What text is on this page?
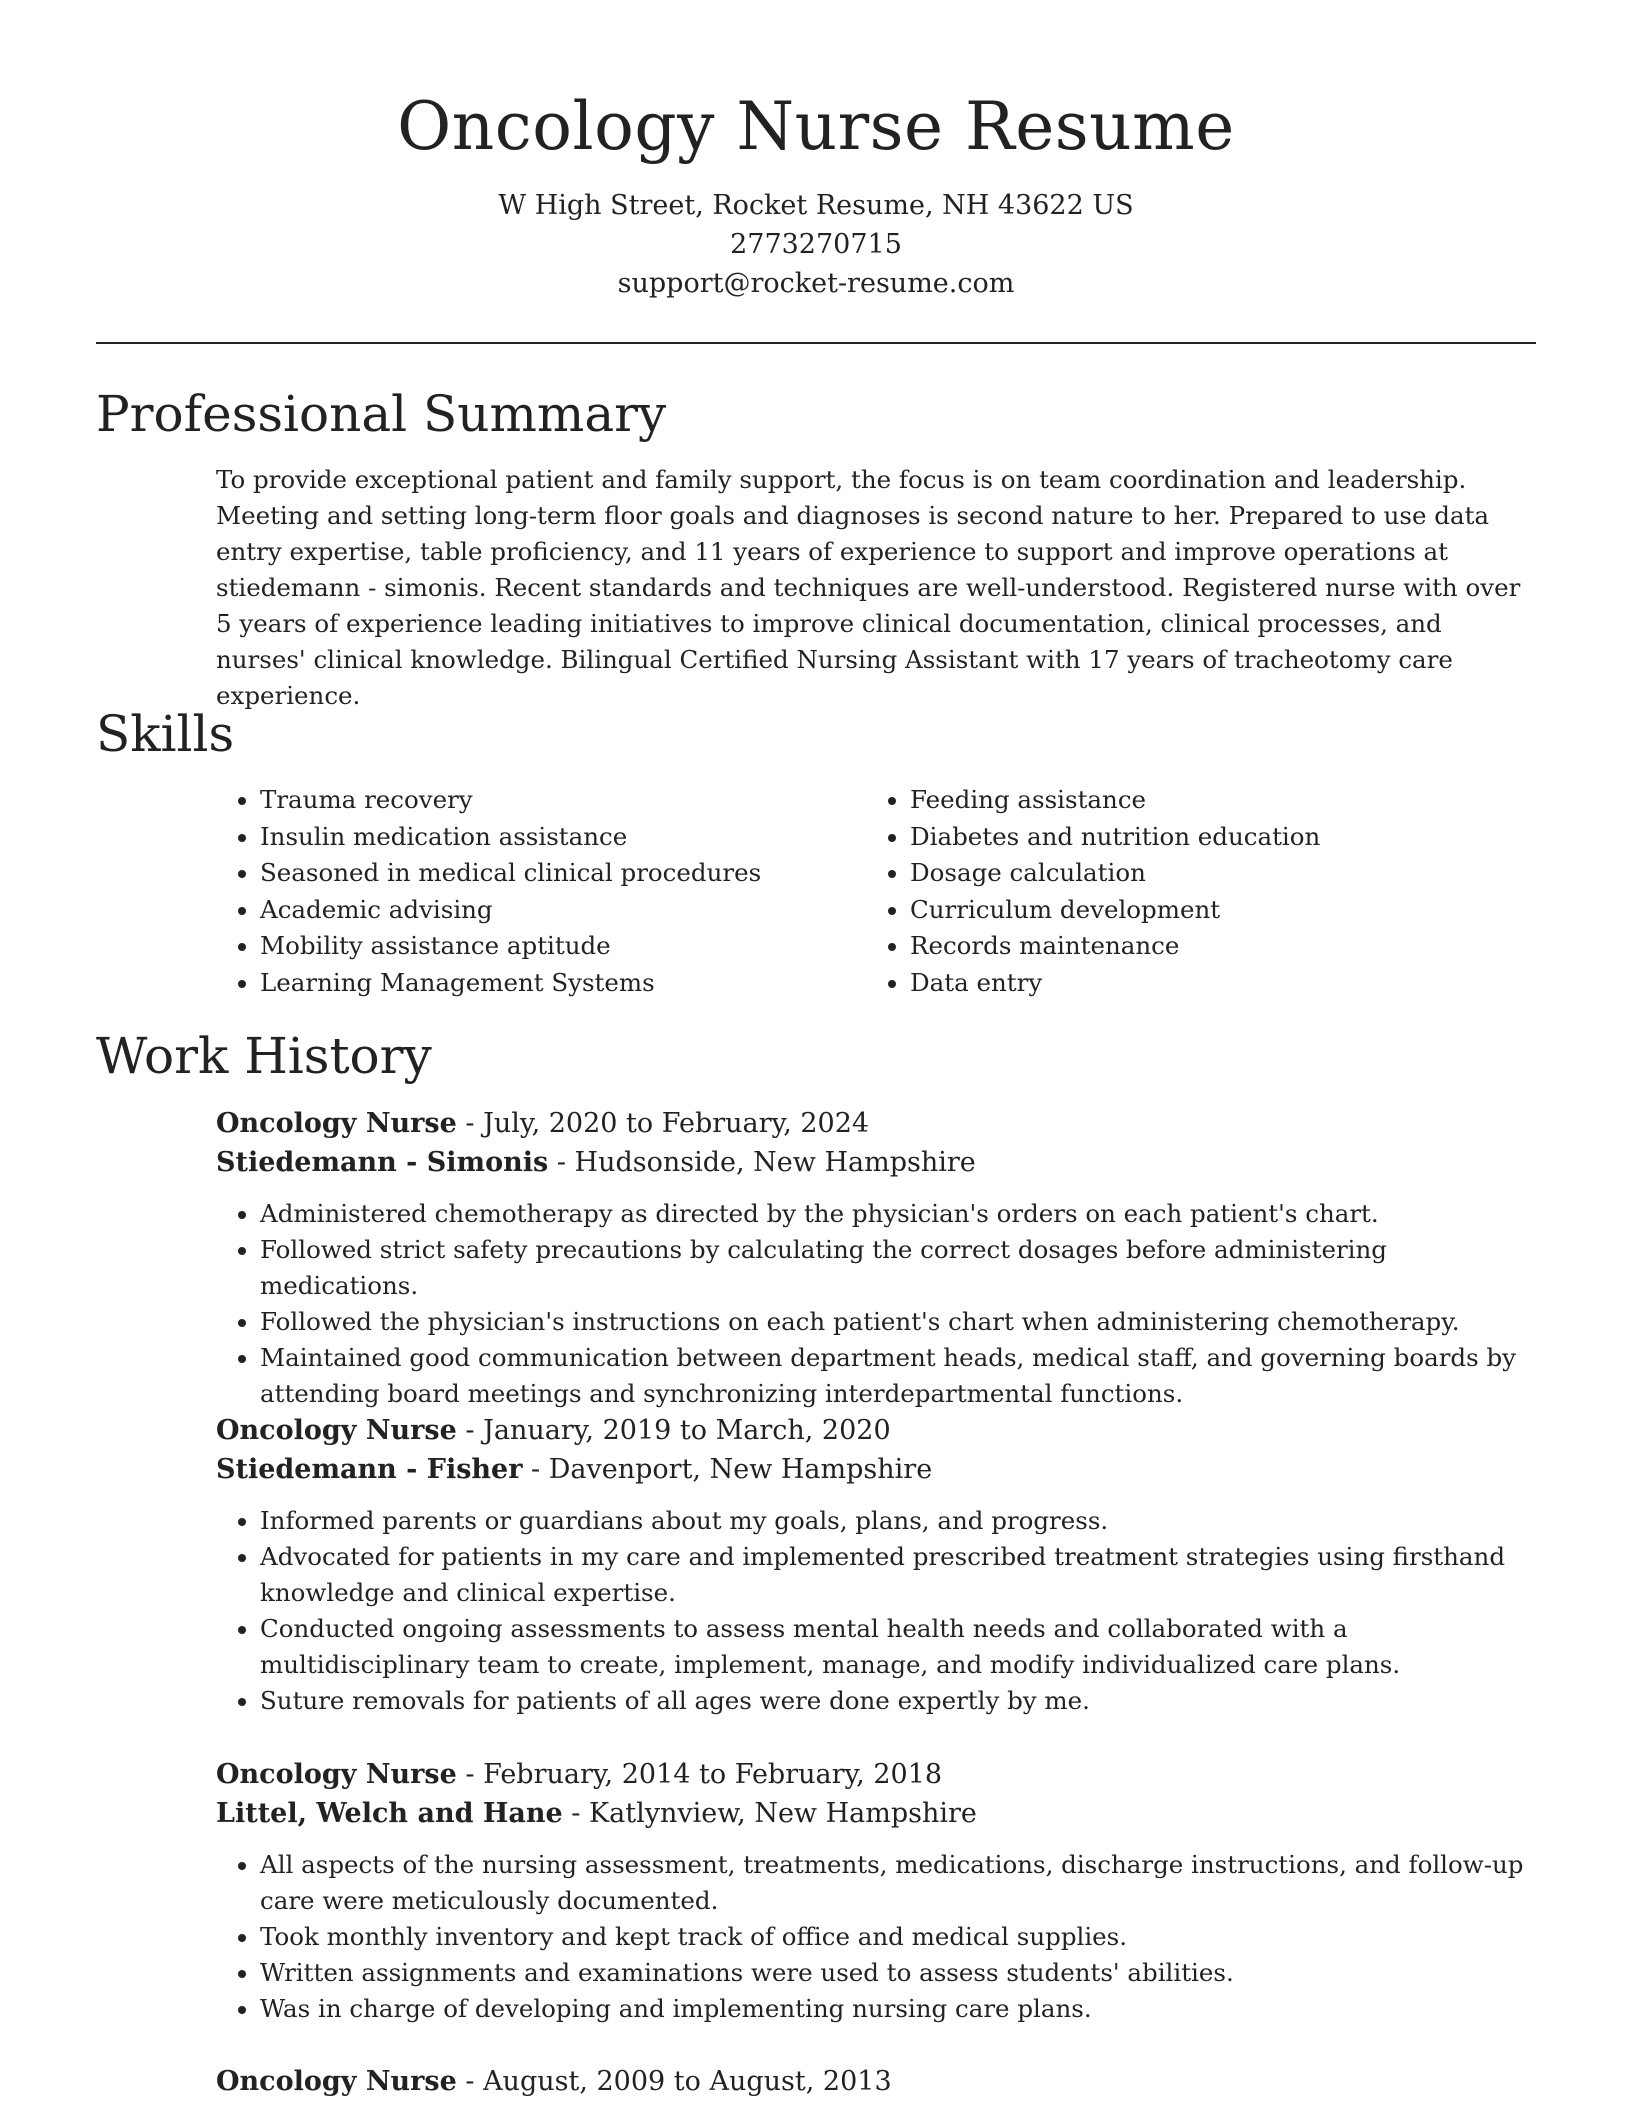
Oncology Nurse Resume
W High Street, Rocket Resume, NH 43622 US
2773270715
support@rocket-resume.com
Professional Summary

To provide exceptional patient and family support, the focus is on team coordination and leadership. Meeting and setting long-term floor goals and diagnoses is second nature to her. Prepared to use data entry expertise, table proficiency, and 11 years of experience to support and improve operations at stiedemann - simonis. Recent standards and techniques are well-understood. Registered nurse with over 5 years of experience leading initiatives to improve clinical documentation, clinical processes, and nurses' clinical knowledge. Bilingual Certified Nursing Assistant with 17 years of tracheotomy care experience.

Skills
• Trauma recovery
• Insulin medication assistance
• Seasoned in medical clinical procedures
• Academic advising
• Mobility assistance aptitude
• Learning Management Systems
• Feeding assistance
• Diabetes and nutrition education
• Dosage calculation
• Curriculum development
• Records maintenance
• Data entry
Work History
Oncology Nurse - July, 2020 to February, 2024
Stiedemann - Simonis - Hudsonside, New Hampshire
• Administered chemotherapy as directed by the physician's orders on each patient's chart.
• Followed strict safety precautions by calculating the correct dosages before administering medications.
• Followed the physician's instructions on each patient's chart when administering chemotherapy.
• Maintained good communication between department heads, medical staff, and governing boards by attending board meetings and synchronizing interdepartmental functions.
Oncology Nurse - January, 2019 to March, 2020
Stiedemann - Fisher - Davenport, New Hampshire
• Informed parents or guardians about my goals, plans, and progress.
• Advocated for patients in my care and implemented prescribed treatment strategies using firsthand knowledge and clinical expertise.
• Conducted ongoing assessments to assess mental health needs and collaborated with a multidisciplinary team to create, implement, manage, and modify individualized care plans.
• Suture removals for patients of all ages were done expertly by me.
Oncology Nurse - February, 2014 to February, 2018
Littel, Welch and Hane - Katlynview, New Hampshire
• All aspects of the nursing assessment, treatments, medications, discharge instructions, and follow-up care were meticulously documented.
• Took monthly inventory and kept track of office and medical supplies.
• Written assignments and examinations were used to assess students' abilities.
• Was in charge of developing and implementing nursing care plans.
Oncology Nurse - August, 2009 to August, 2013
